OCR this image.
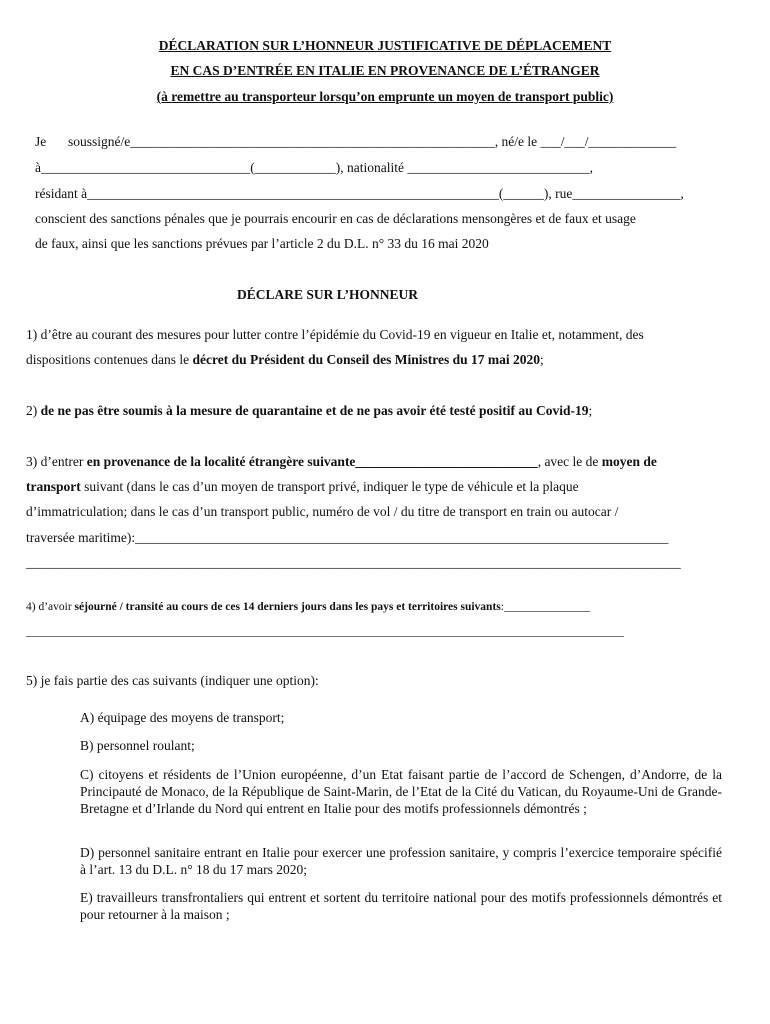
DÉCLARATION SUR L’HONNEUR JUSTIFICATIVE DE DÉPLACEMENT
EN CAS D’ENTRÉE EN ITALIE EN PROVENANCE DE L’ÉTRANGER
(à remettre au transporteur lorsqu’on emprunte un moyen de transport public)
Je soussigné/e______________________________________________________, né/e le ___/___/_____________
à_______________________________(____________), nationalité ___________________________,
résidant à_____________________________________________________________(______), rue________________,
conscient des sanctions pénales que je pourrais encourir en cas de déclarations mensongères et de faux et usage
de faux, ainsi que les sanctions prévues par l’article 2 du D.L. n° 33 du 16 mai 2020
DÉCLARE SUR L’HONNEUR
1) d’être au courant des mesures pour lutter contre l’épidémie du Covid-19 en vigueur en Italie et, notamment, des
dispositions contenues dans le décret du Président du Conseil des Ministres du 17 mai 2020;
2) de ne pas être soumis à la mesure de quarantaine et de ne pas avoir été testé positif au Covid-19;
3) d’entrer en provenance de la localité étrangère suivante___________________________, avec le de moyen de
transport suivant (dans le cas d’un moyen de transport privé, indiquer le type de véhicule et la plaque
d’immatriculation; dans le cas d’un transport public, numéro de vol / du titre de transport en train ou autocar /
traversée maritime):_______________________________________________________________________________
_________________________________________________________________________________________________
4) d’avoir séjourné / transité au cours de ces 14 derniers jours dans les pays et territoires suivants:_______________
________________________________________________________________________________________________________
5) je fais partie des cas suivants (indiquer une option):
A) équipage des moyens de transport;
B) personnel roulant;
C) citoyens et résidents de l’Union européenne, d’un Etat faisant partie de l’accord de Schengen, d’Andorre, de la Principauté de Monaco, de la République de Saint-Marin, de l’Etat de la Cité du Vatican, du Royaume-Uni de Grande-Bretagne et d’Irlande du Nord qui entrent en Italie pour des motifs professionnels démontrés ;
D) personnel sanitaire entrant en Italie pour exercer une profession sanitaire, y compris l’exercice temporaire spécifié à l’art. 13 du D.L. n° 18 du 17 mars 2020;
E) travailleurs transfrontaliers qui entrent et sortent du territoire national pour des motifs professionnels démontrés et pour retourner à la maison ;
